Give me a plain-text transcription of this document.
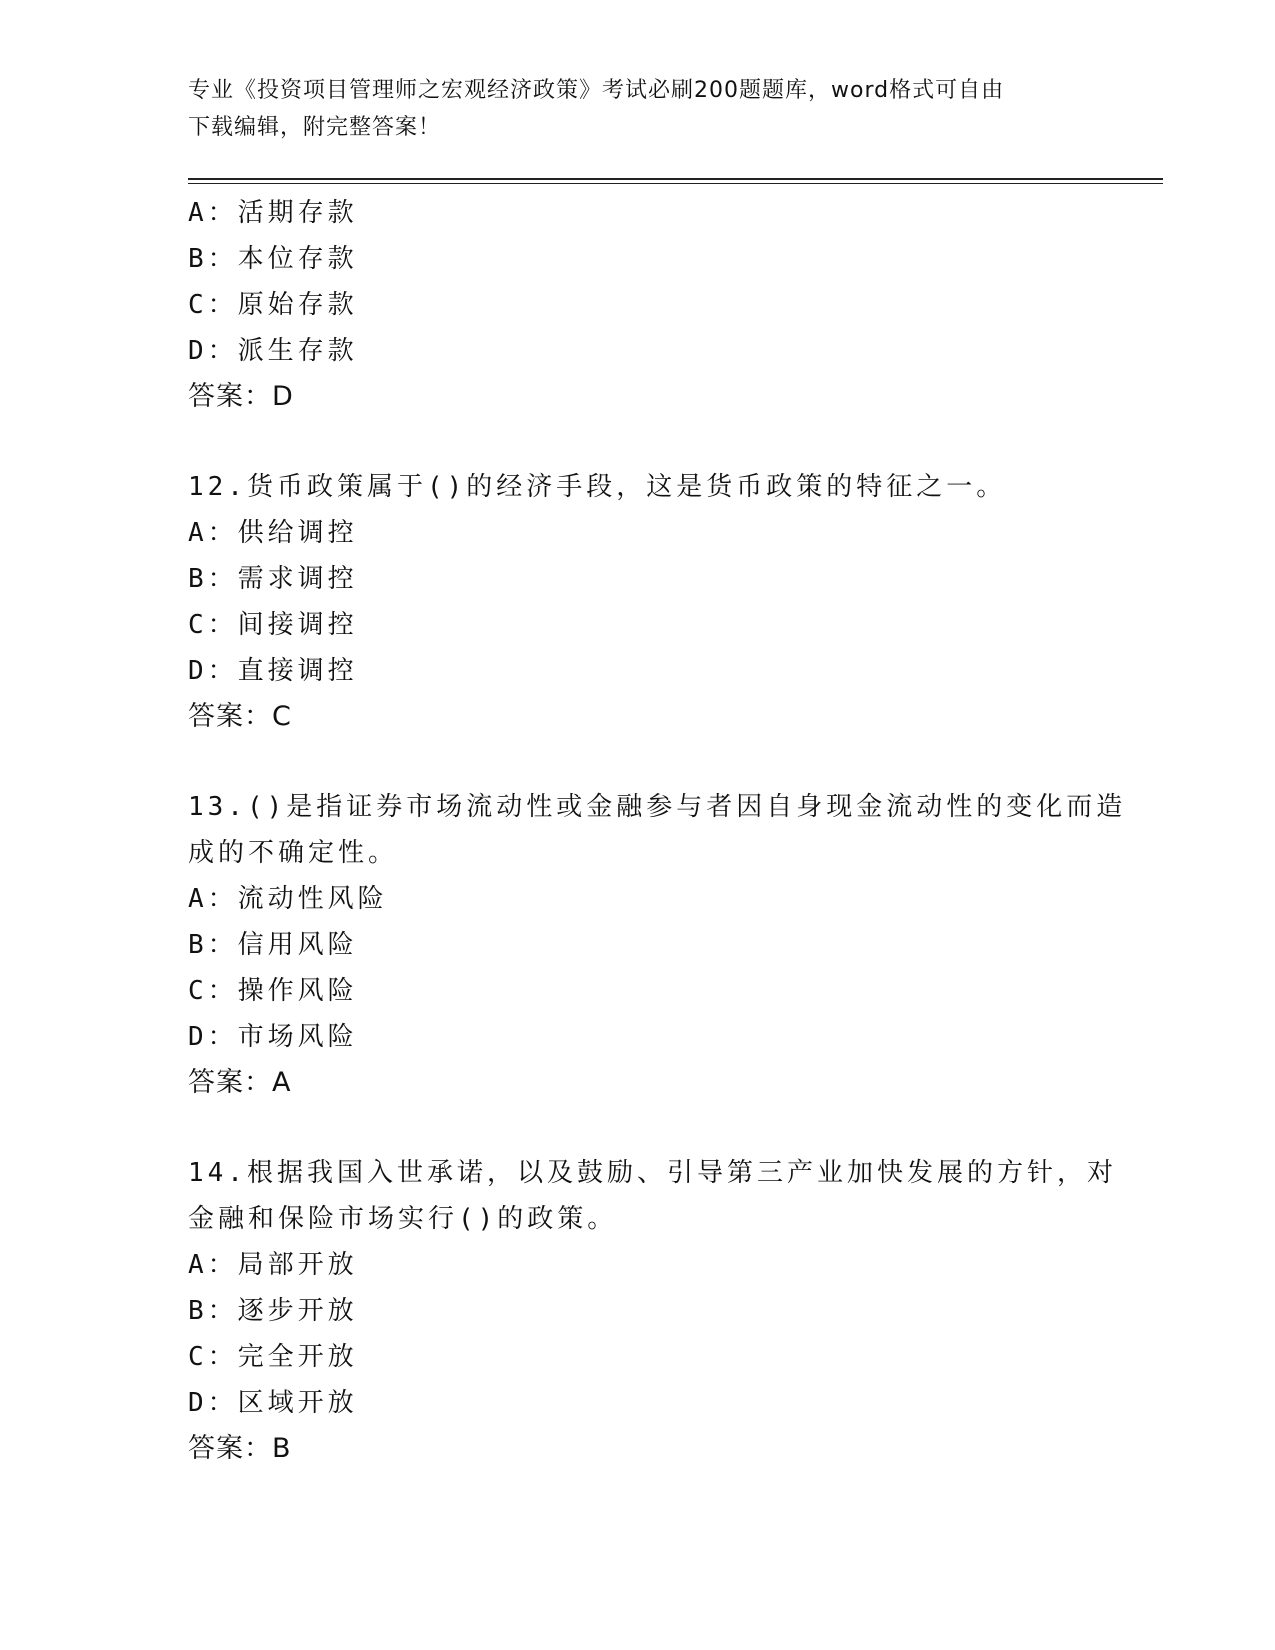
专业《投资项目管理师之宏观经济政策》考试必刷200题题库，word格式可自由
下载编辑，附完整答案！
A：活期存款
B：本位存款
C：原始存款
D：派生存款
答案：D
12.货币政策属于()的经济手段，这是货币政策的特征之一。
A：供给调控
B：需求调控
C：间接调控
D：直接调控
答案：C
13.()是指证券市场流动性或金融参与者因自身现金流动性的变化而造
成的不确定性。
A：流动性风险
B：信用风险
C：操作风险
D：市场风险
答案：A
14.根据我国入世承诺，以及鼓励、引导第三产业加快发展的方针，对
金融和保险市场实行()的政策。
A：局部开放
B：逐步开放
C：完全开放
D：区域开放
答案：B
